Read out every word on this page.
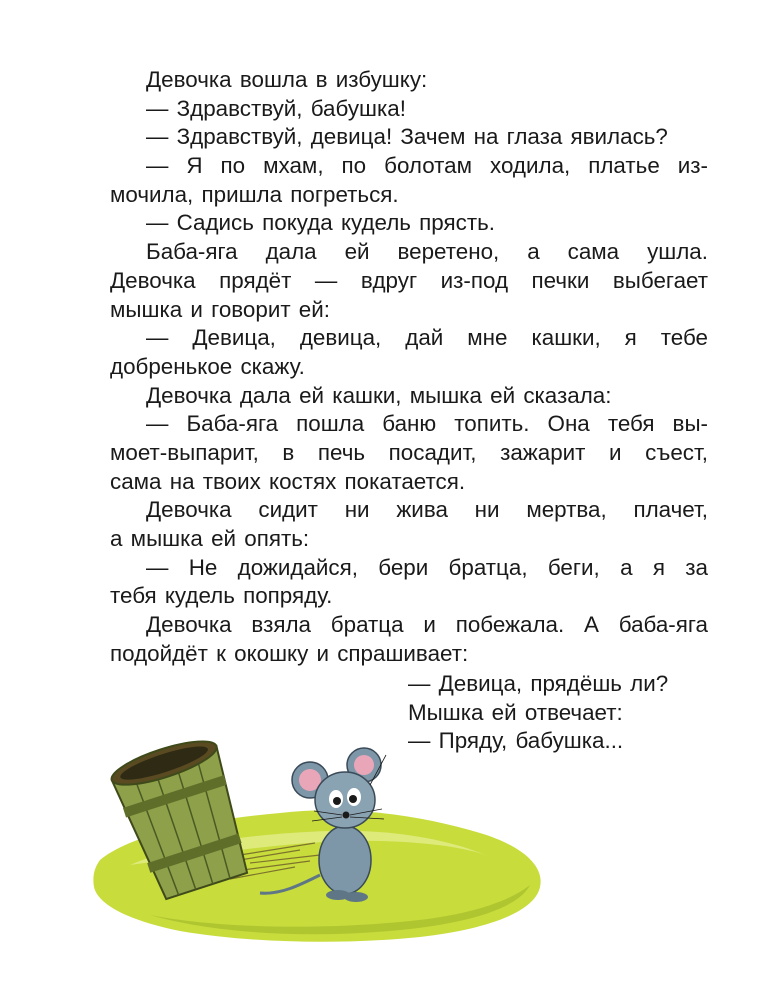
Девочка вошла в избушку:
— Здравствуй, бабушка!
— Здравствуй, девица! Зачем на глаза явилась?
— Я по мхам, по болотам ходила, платье из-
мочила, пришла погреться.
— Садись покуда кудель прясть.
Баба-яга дала ей веретено, а сама ушла.
Девочка прядёт — вдруг из-под печки выбегает
мышка и говорит ей:
— Девица, девица, дай мне кашки, я тебе
добренькое скажу.
Девочка дала ей кашки, мышка ей сказала:
— Баба-яга пошла баню топить. Она тебя вы-
моет-выпарит, в печь посадит, зажарит и съест,
сама на твоих костях покатается.
Девочка сидит ни жива ни мертва, плачет,
а мышка ей опять:
— Не дожидайся, бери братца, беги, а я за
тебя кудель попряду.
Девочка взяла братца и побежала. А баба-яга
подойдёт к окошку и спрашивает:
— Девица, прядёшь ли?
Мышка ей отвечает:
— Пряду, бабушка...
